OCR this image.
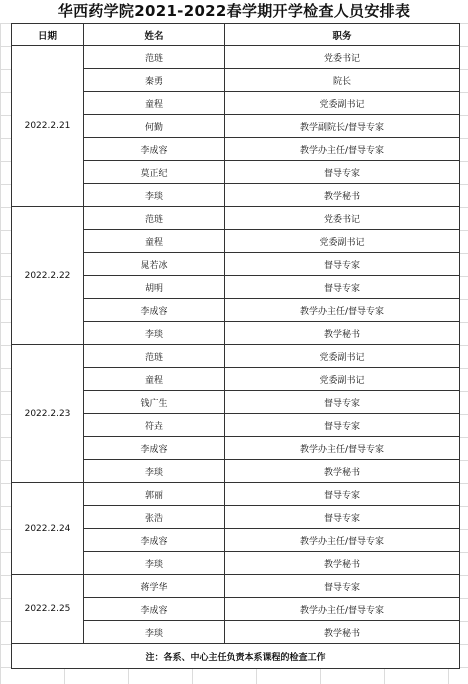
华西药学院2021-2022春学期开学检查人员安排表
日期	姓名	职务
2022.2.21	范琏	党委书记
	秦勇	院长
	童程	党委副书记
	何勤	教学副院长/督导专家
	李成容	教学办主任/督导专家
	莫正纪	督导专家
	李琰	教学秘书
2022.2.22	范琏	党委书记
	童程	党委副书记
	晁若冰	督导专家
	胡明	督导专家
	李成容	教学办主任/督导专家
	李琰	教学秘书
2022.2.23	范琏	党委副书记
	童程	党委副书记
	钱广生	督导专家
	符垚	督导专家
	李成容	教学办主任/督导专家
	李琰	教学秘书
2022.2.24	郭丽	督导专家
	张浩	督导专家
	李成容	教学办主任/督导专家
	李琰	教学秘书
2022.2.25	蒋学华	督导专家
	李成容	教学办主任/督导专家
	李琰	教学秘书
注：各系、中心主任负责本系课程的检查工作		
